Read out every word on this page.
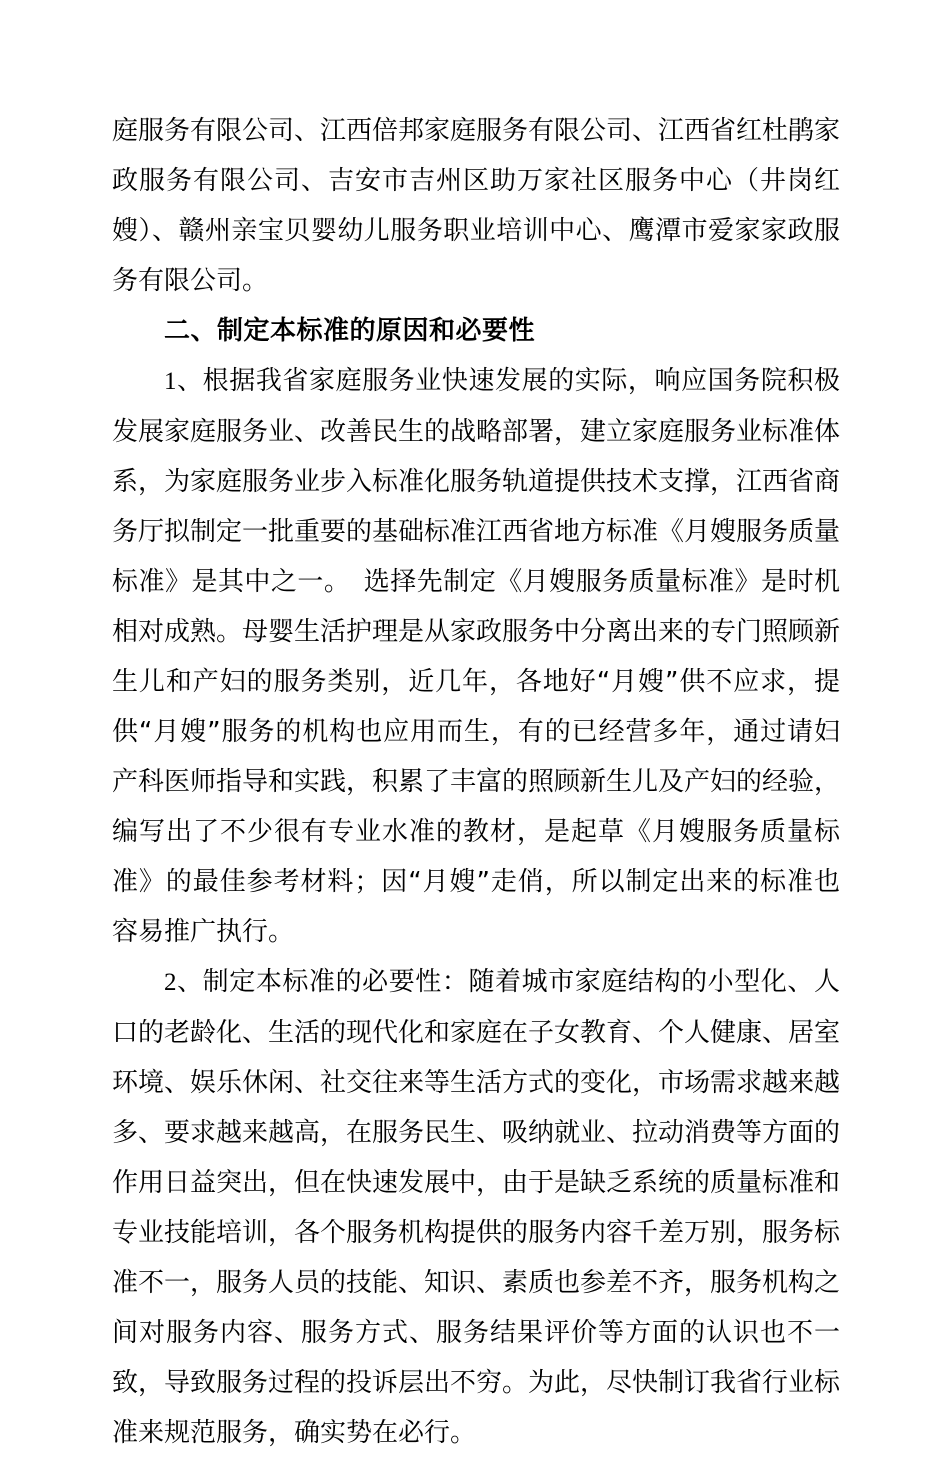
庭服务有限公司、江西倍邦家庭服务有限公司、江西省红杜鹃家政服务有限公司、吉安市吉州区助万家社区服务中心（井岗红嫂）、赣州亲宝贝婴幼儿服务职业培训中心、鹰潭市爱家家政服务有限公司。

二、制定本标准的原因和必要性

1、根据我省家庭服务业快速发展的实际，响应国务院积极发展家庭服务业、改善民生的战略部署，建立家庭服务业标准体系，为家庭服务业步入标准化服务轨道提供技术支撑，江西省商务厅拟制定一批重要的基础标准江西省地方标准《月嫂服务质量标准》是其中之一。 选择先制定《月嫂服务质量标准》是时机相对成熟。母婴生活护理是从家政服务中分离出来的专门照顾新生儿和产妇的服务类别，近几年，各地好“月嫂”供不应求，提供“月嫂”服务的机构也应用而生，有的已经营多年，通过请妇产科医师指导和实践，积累了丰富的照顾新生儿及产妇的经验，编写出了不少很有专业水准的教材，是起草《月嫂服务质量标准》的最佳参考材料；因“月嫂”走俏，所以制定出来的标准也容易推广执行。

2、制定本标准的必要性：随着城市家庭结构的小型化、人口的老龄化、生活的现代化和家庭在子女教育、个人健康、居室环境、娱乐休闲、社交往来等生活方式的变化，市场需求越来越多、要求越来越高，在服务民生、吸纳就业、拉动消费等方面的作用日益突出，但在快速发展中，由于是缺乏系统的质量标准和专业技能培训，各个服务机构提供的服务内容千差万别，服务标准不一，服务人员的技能、知识、素质也参差不齐，服务机构之间对服务内容、服务方式、服务结果评价等方面的认识也不一致，导致服务过程的投诉层出不穷。为此，尽快制订我省行业标准来规范服务，确实势在必行。
